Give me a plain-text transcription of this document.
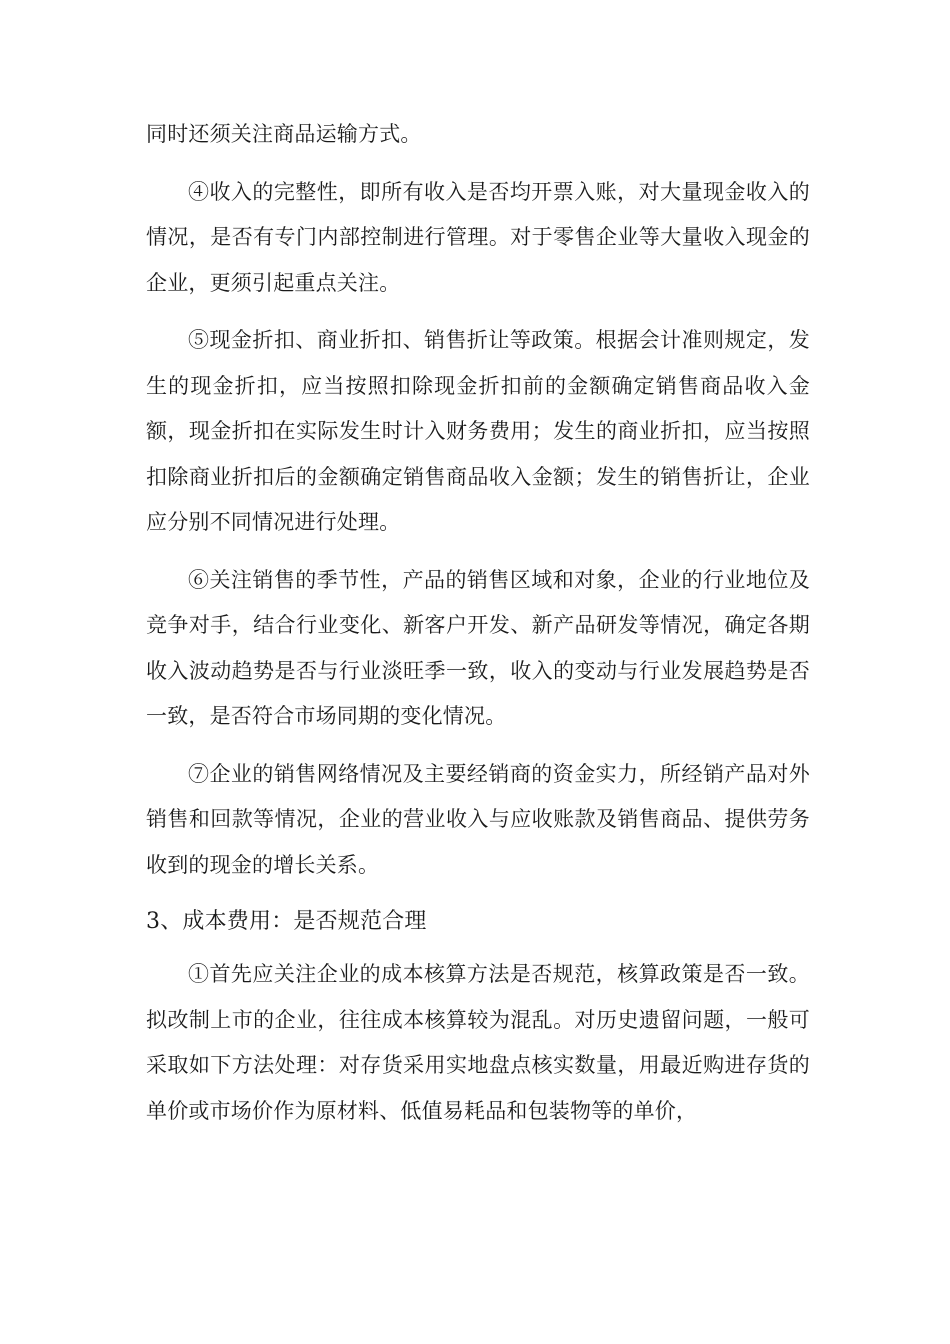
同时还须关注商品运输方式。

④收入的完整性，即所有收入是否均开票入账，对大量现金收入的情况，是否有专门内部控制进行管理。对于零售企业等大量收入现金的企业，更须引起重点关注。

⑤现金折扣、商业折扣、销售折让等政策。根据会计准则规定，发生的现金折扣，应当按照扣除现金折扣前的金额确定销售商品收入金额，现金折扣在实际发生时计入财务费用；发生的商业折扣，应当按照扣除商业折扣后的金额确定销售商品收入金额；发生的销售折让，企业应分别不同情况进行处理。

⑥关注销售的季节性，产品的销售区域和对象，企业的行业地位及竞争对手，结合行业变化、新客户开发、新产品研发等情况，确定各期收入波动趋势是否与行业淡旺季一致，收入的变动与行业发展趋势是否一致，是否符合市场同期的变化情况。

⑦企业的销售网络情况及主要经销商的资金实力，所经销产品对外销售和回款等情况，企业的营业收入与应收账款及销售商品、提供劳务收到的现金的增长关系。

3、成本费用：是否规范合理

①首先应关注企业的成本核算方法是否规范，核算政策是否一致。拟改制上市的企业，往往成本核算较为混乱。对历史遗留问题，一般可采取如下方法处理：对存货采用实地盘点核实数量，用最近购进存货的单价或市场价作为原材料、低值易耗品和包装物等的单价，
